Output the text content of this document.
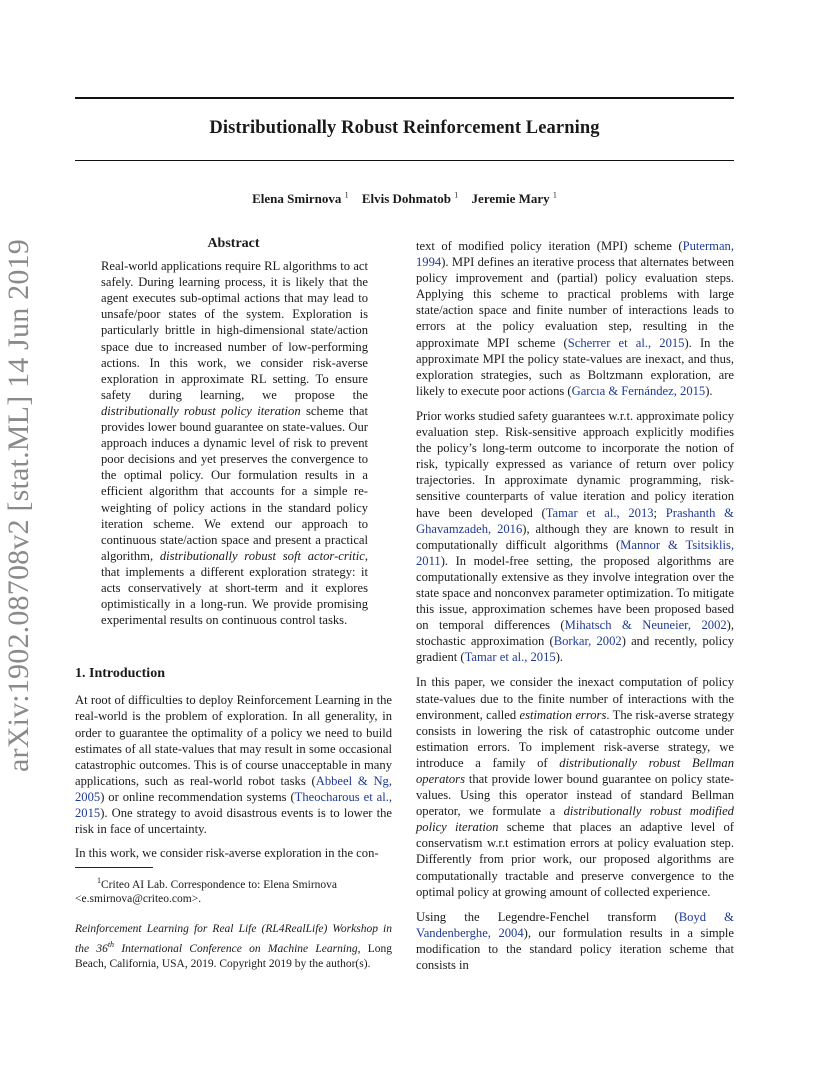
Distributionally Robust Reinforcement Learning
Elena Smirnova $^1$ Elvis Dohmatob $^1$ Jeremie Mary $^1$
arXiv:1902.08708v2 [stat.ML] 14 Jun 2019	Abstract
Real-world applications require RL algorithms to act safely. During learning process, it is likely that the agent executes sub-optimal actions that may lead to unsafe/poor states of the system. Exploration is particularly brittle in high-dimensional state/action space due to increased number of low-performing actions. In this work, we consider risk-averse exploration in approximate RL setting. To ensure safety during learning, we propose the distributionally robust policy iteration scheme that provides lower bound guarantee on state-values. Our approach induces a dynamic level of risk to prevent poor decisions and yet preserves the convergence to the optimal policy. Our formulation results in a efficient algorithm that accounts for a simple re-weighting of policy actions in the standard policy iteration scheme. We extend our approach to continuous state/action space and present a practical algorithm, distributionally robust soft actor-critic, that implements a different exploration strategy: it acts conservatively at short-term and it explores optimistically in a long-run. We provide promising experimental results on continuous control tasks.
1. Introduction

At root of difficulties to deploy Reinforcement Learning in the real-world is the problem of exploration. In all generality, in order to guarantee the optimality of a policy we need to build estimates of all state-values that may result in some occasional catastrophic outcomes. This is of course unacceptable in many applications, such as real-world robot tasks (Abbeel & Ng, 2005) or online recommendation systems (Theocharous et al., 2015). One strategy to avoid disastrous events is to lower the risk in face of uncertainty.

In this work, we consider risk-averse exploration in the con-

$^1$Criteo AI Lab. Correspondence to: Elena Smirnova

<e.smirnova@criteo.com>.

Reinforcement Learning for Real Life (RL4RealLife) Workshop in the 36th International Conference on Machine Learning, Long Beach, California, USA, 2019. Copyright 2019 by the author(s).

text of modified policy iteration (MPI) scheme (Puterman, 1994). MPI defines an iterative process that alternates between policy improvement and (partial) policy evaluation steps. Applying this scheme to practical problems with large state/action space and finite number of interactions leads to errors at the policy evaluation step, resulting in the approximate MPI scheme (Scherrer et al., 2015). In the approximate MPI the policy state-values are inexact, and thus, exploration strategies, such as Boltzmann exploration, are likely to execute poor actions (Garcıa & Fernández, 2015).

Prior works studied safety guarantees w.r.t. approximate policy evaluation step. Risk-sensitive approach explicitly modifies the policy’s long-term outcome to incorporate the notion of risk, typically expressed as variance of return over policy trajectories. In approximate dynamic programming, risk-sensitive counterparts of value iteration and policy iteration have been developed (Tamar et al., 2013; Prashanth & Ghavamzadeh, 2016), although they are known to result in computationally difficult algorithms (Mannor & Tsitsiklis, 2011). In model-free setting, the proposed algorithms are computationally extensive as they involve integration over the state space and nonconvex parameter optimization. To mitigate this issue, approximation schemes have been proposed based on temporal differences (Mihatsch & Neuneier, 2002), stochastic approximation (Borkar, 2002) and recently, policy gradient (Tamar et al., 2015).

In this paper, we consider the inexact computation of policy state-values due to the finite number of interactions with the environment, called estimation errors. The risk-averse strategy consists in lowering the risk of catastrophic outcome under estimation errors. To implement risk-averse strategy, we introduce a family of distributionally robust Bellman operators that provide lower bound guarantee on policy state-values. Using this operator instead of standard Bellman operator, we formulate a distributionally robust modified policy iteration scheme that places an adaptive level of conservatism w.r.t estimation errors at policy evaluation step. Differently from prior work, our proposed algorithms are computationally tractable and preserve convergence to the optimal policy at growing amount of collected experience.

Using the Legendre-Fenchel transform (Boyd & Vandenberghe, 2004), our formulation results in a simple modification to the standard policy iteration scheme that consists in
